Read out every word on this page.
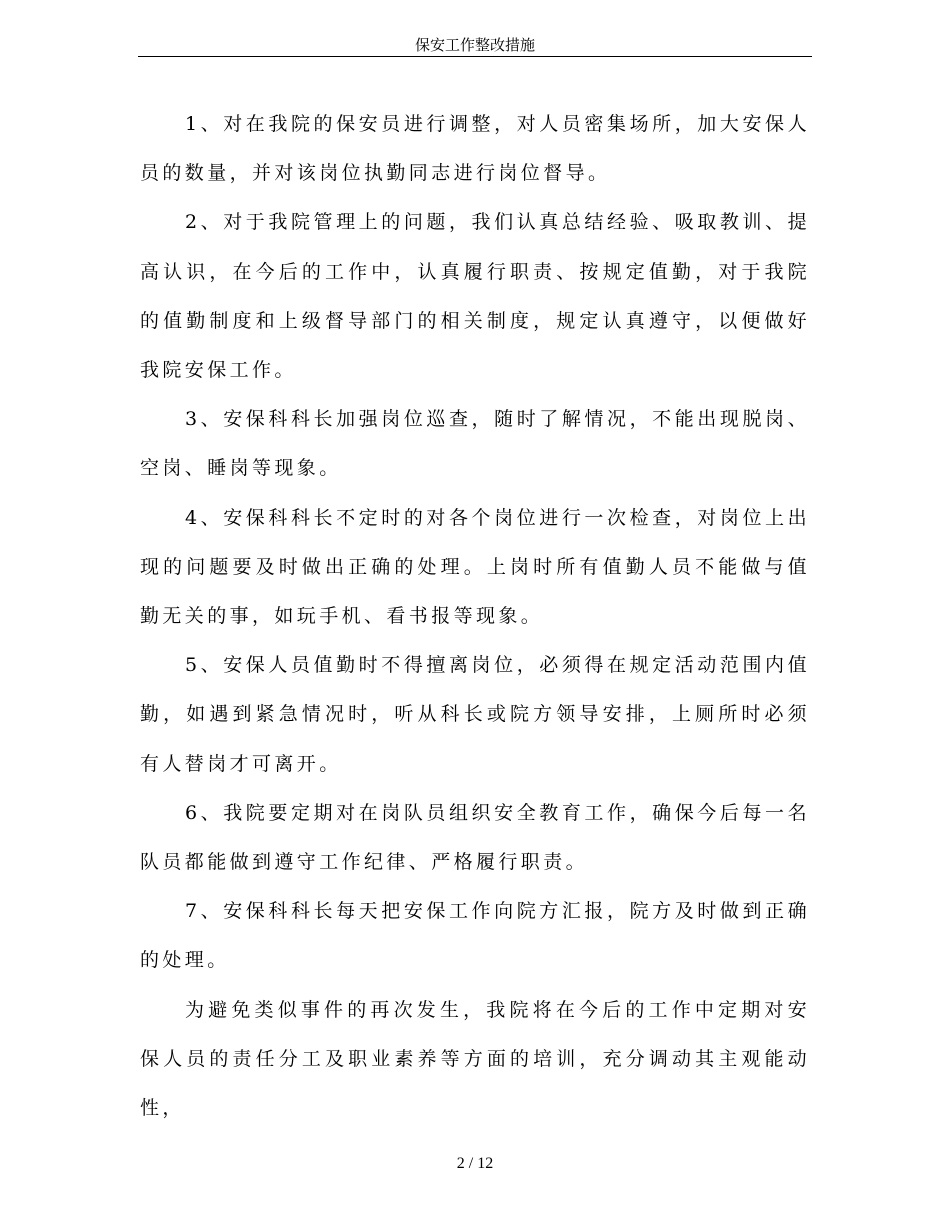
保安工作整改措施

1、对在我院的保安员进行调整，对人员密集场所，加大安保人员的数量，并对该岗位执勤同志进行岗位督导。

2、对于我院管理上的问题，我们认真总结经验、吸取教训、提高认识，在今后的工作中，认真履行职责、按规定值勤，对于我院的值勤制度和上级督导部门的相关制度，规定认真遵守，以便做好我院安保工作。

3、安保科科长加强岗位巡查，随时了解情况，不能出现脱岗、空岗、睡岗等现象。

4、安保科科长不定时的对各个岗位进行一次检查，对岗位上出现的问题要及时做出正确的处理。上岗时所有值勤人员不能做与值勤无关的事，如玩手机、看书报等现象。

5、安保人员值勤时不得擅离岗位，必须得在规定活动范围内值勤，如遇到紧急情况时，听从科长或院方领导安排，上厕所时必须有人替岗才可离开。

6、我院要定期对在岗队员组织安全教育工作，确保今后每一名队员都能做到遵守工作纪律、严格履行职责。

7、安保科科长每天把安保工作向院方汇报，院方及时做到正确的处理。

为避免类似事件的再次发生，我院将在今后的工作中定期对安保人员的责任分工及职业素养等方面的培训，充分调动其主观能动性，

2 / 12
